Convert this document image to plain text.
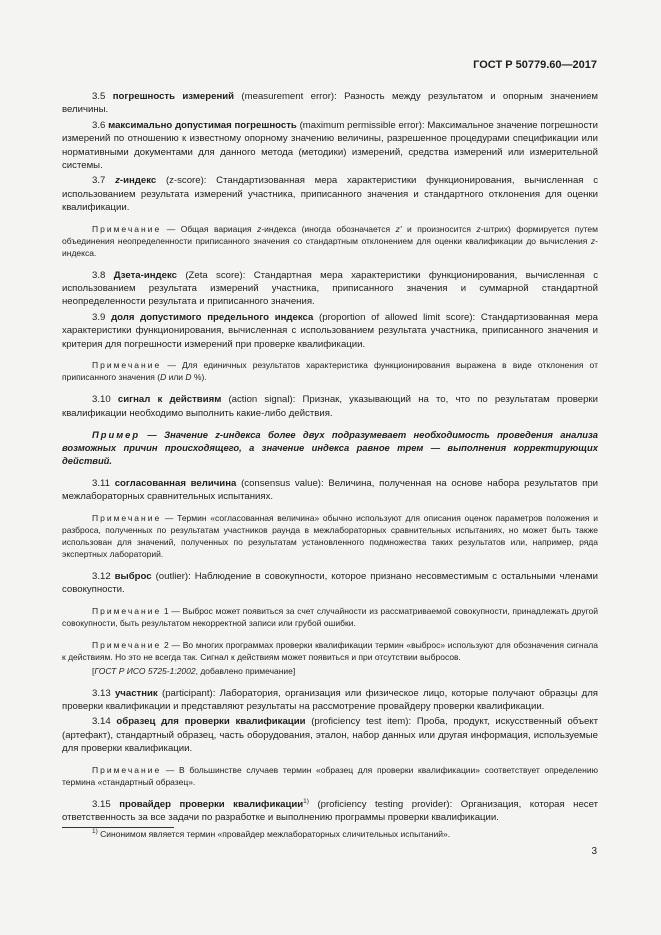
ГОСТ Р 50779.60—2017

3.5 погрешность измерений (measurement error): Разность между результатом и опорным значением величины.

3.6 максимально допустимая погрешность (maximum permissible error): Максимальное значение погрешности измерений по отношению к известному опорному значению величины, разрешенное процедурами спецификации или нормативными документами для данного метода (методики) измерений, средства измерений или измерительной системы.

3.7 z-индекс (z-score): Стандартизованная мера характеристики функционирования, вычисленная с использованием результата измерений участника, приписанного значения и стандартного отклонения для оценки квалификации.

Примечание — Общая вариация z-индекса (иногда обозначается z' и произносится z-штрих) формируется путем объединения неопределенности приписанного значения со стандартным отклонением для оценки квалификации до вычисления z-индекса.

3.8 Дзета-индекс (Zeta score): Стандартная мера характеристики функционирования, вычисленная с использованием результата измерений участника, приписанного значения и суммарной стандартной неопределенности результата и приписанного значения.

3.9 доля допустимого предельного индекса (proportion of allowed limit score): Стандартизованная мера характеристики функционирования, вычисленная с использованием результата участника, приписанного значения и критерия для погрешности измерений при проверке квалификации.

Примечание — Для единичных результатов характеристика функционирования выражена в виде отклонения от приписанного значения (D или D %).

3.10 сигнал к действиям (action signal): Признак, указывающий на то, что по результатам проверки квалификации необходимо выполнить какие-либо действия.

Пример — Значение z-индекса более двух подразумевает необходимость проведения анализа возможных причин происходящего, а значение индекса равное трем — выполнения корректирующих действий.

3.11 согласованная величина (consensus value): Величина, полученная на основе набора результатов при межлабораторных сравнительных испытаниях.

Примечание — Термин «согласованная величина» обычно используют для описания оценок параметров положения и разброса, полученных по результатам участников раунда в межлабораторных сравнительных испытаниях, но может быть также использован для значений, полученных по результатам установленного подмножества таких результатов или, например, ряда экспертных лабораторий.

3.12 выброс (outlier): Наблюдение в совокупности, которое признано несовместимым с остальными членами совокупности.

Примечание 1 — Выброс может появиться за счет случайности из рассматриваемой совокупности, принадлежать другой совокупности, быть результатом некорректной записи или грубой ошибки.

Примечание 2 — Во многих программах проверки квалификации термин «выброс» используют для обозначения сигнала к действиям. Но это не всегда так. Сигнал к действиям может появиться и при отсутствии выбросов.

[ГОСТ Р ИСО 5725-1:2002, добавлено примечание]

3.13 участник (participant): Лаборатория, организация или физическое лицо, которые получают образцы для проверки квалификации и представляют результаты на рассмотрение провайдеру проверки квалификации.

3.14 образец для проверки квалификации (proficiency test item): Проба, продукт, искусственный объект (артефакт), стандартный образец, часть оборудования, эталон, набор данных или другая информация, используемые для проверки квалификации.

Примечание — В большинстве случаев термин «образец для проверки квалификации» соответствует определению термина «стандартный образец».

3.15 провайдер проверки квалификации$^{1)}$ (proficiency testing provider): Организация, которая несет ответственность за все задачи по разработке и выполнению программы проверки квалификации.

$^{1)}$ Синонимом является термин «провайдер межлабораторных сличительных испытаний».
3
